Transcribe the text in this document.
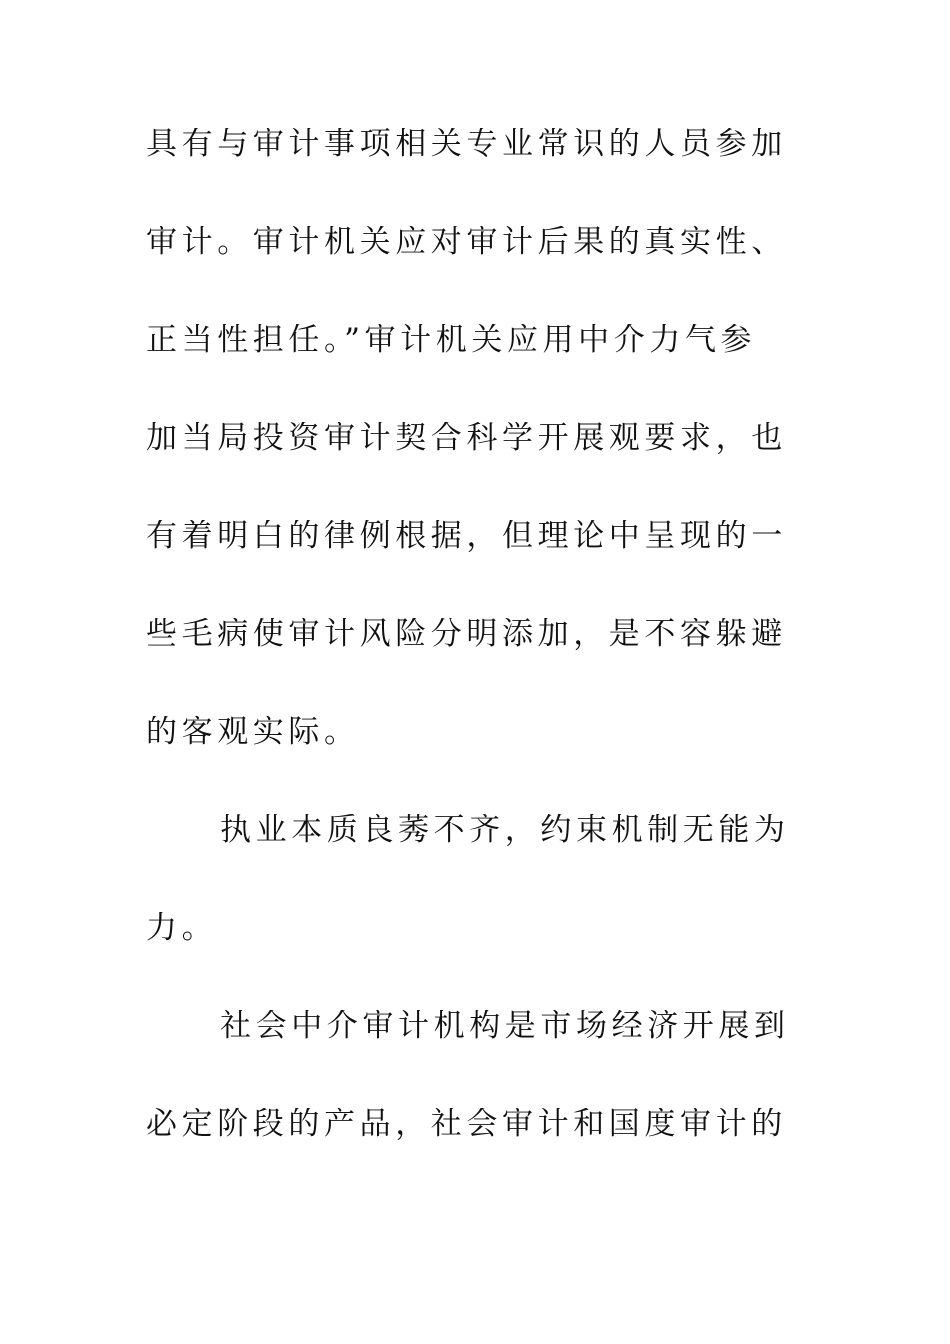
具有与审计事项相关专业常识的人员参加
审计。审计机关应对审计后果的真实性、
正当性担任。”审计机关应用中介力气参
加当局投资审计契合科学开展观要求，也
有着明白的律例根据，但理论中呈现的一
些毛病使审计风险分明添加，是不容躲避
的客观实际。
执业本质良莠不齐，约束机制无能为
力。
社会中介审计机构是市场经济开展到
必定阶段的产品，社会审计和国度审计的
